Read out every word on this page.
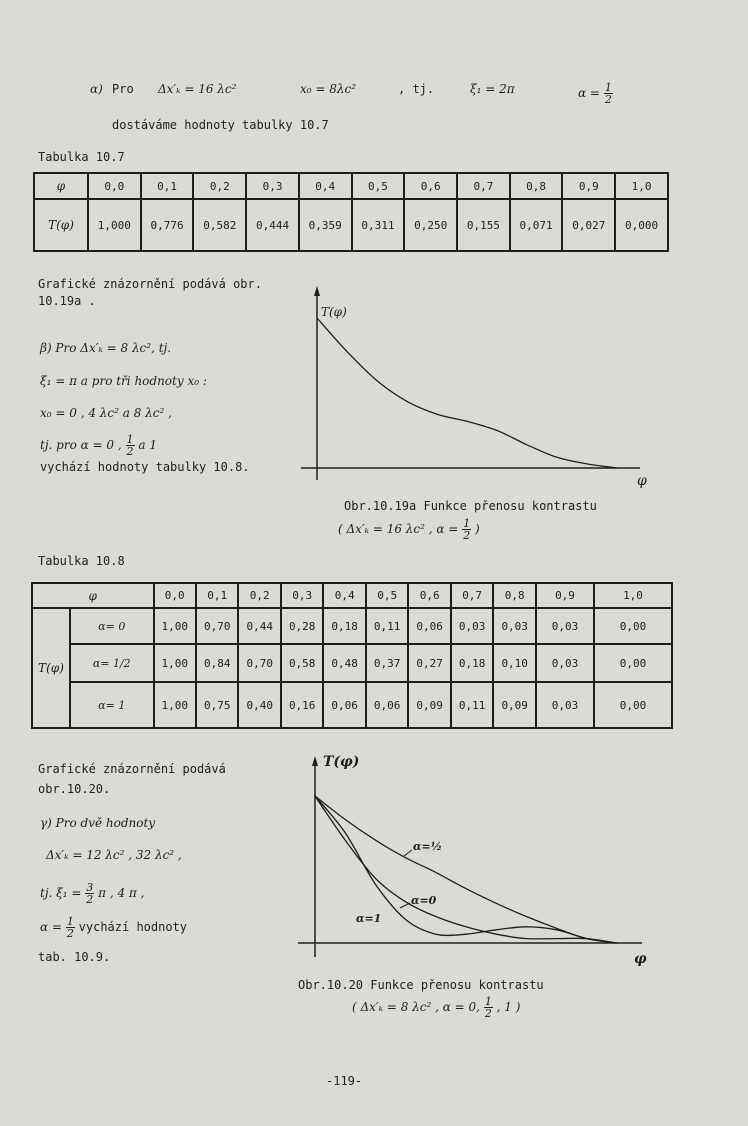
α) Pro Δx′ₖ = 16 λc²	x₀ = 8λc²	, tj.	ξ₁ = 2π	$\alpha = \frac{1}{2}$
dostáváme hodnoty tabulky 10.7
Tabulka 10.7
φ	0,0	0,1	0,2	0,3	0,4	0,5	0,6	0,7	0,8	0,9	1,0
T(φ)	1,000	0,776	0,582	0,444	0,359	0,311	0,250	0,155	0,071	0,027	0,000
Grafické znázornění podává obr.
10.19a .
β) Pro Δx′ₖ = 8 λc², tj.
ξ₁ = π a pro tři hodnoty x₀ :
x₀ = 0 , 4 λc² a 8 λc² ,
tj. pro α = 0 , $\frac{1}{2}$ a 1
vychází hodnoty tabulky 10.8.
T(φ)
φ
Obr.10.19a Funkce přenosu kontrastu
( Δx′ₖ = 16 λc² , $\alpha = \frac{1}{2}$ )
Tabulka 10.8
φ		0,0	0,1	0,2	0,3	0,4	0,5	0,6	0,7	0,8	0,9	1,0
T(φ)	α= 0	1,00	0,70	0,44	0,28	0,18	0,11	0,06	0,03	0,03	0,03	0,00
	α= 1/2	1,00	0,84	0,70	0,58	0,48	0,37	0,27	0,18	0,10	0,03	0,00
	α= 1	1,00	0,75	0,40	0,16	0,06	0,06	0,09	0,11	0,09	0,03	0,00
Grafické znázornění podává
obr.10.20.
γ) Pro dvě hodnoty
Δx′ₖ = 12 λc² , 32 λc² ,
tj. $\xi_1 = \frac{3}{2}$ π , 4 π ,
$\alpha = \frac{1}{2}$ vychází hodnoty
tab. 10.9.
T(φ)
φ
α=½
α=0
α=1
Obr.10.20 Funkce přenosu kontrastu
( Δx′ₖ = 8 λc² , α = 0, $\frac{1}{2}$ , 1 )
-119-
